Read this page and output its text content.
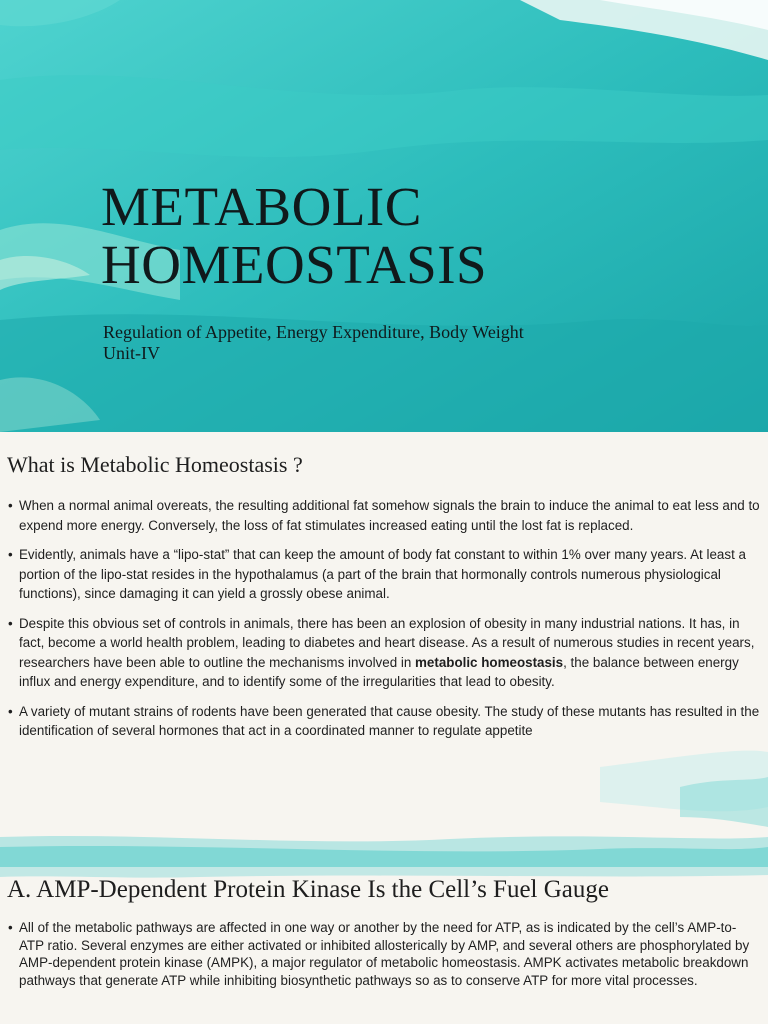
METABOLIC
HOMEOSTASIS
Regulation of Appetite, Energy Expenditure, Body Weight
Unit-IV
What is Metabolic Homeostasis ?
• When a normal animal overeats, the resulting additional fat somehow signals the brain to induce the animal to eat less and to expend more energy. Conversely, the loss of fat stimulates increased eating until the lost fat is replaced.
• Evidently, animals have a “lipo-stat” that can keep the amount of body fat constant to within 1% over many years. At least a portion of the lipo-stat resides in the hypothalamus (a part of the brain that hormonally controls numerous physiological functions), since damaging it can yield a grossly obese animal.
• Despite this obvious set of controls in animals, there has been an explosion of obesity in many industrial nations. It has, in fact, become a world health problem, leading to diabetes and heart disease. As a result of numerous studies in recent years, researchers have been able to outline the mechanisms involved in metabolic homeostasis, the balance between energy influx and energy expenditure, and to identify some of the irregularities that lead to obesity.
• A variety of mutant strains of rodents have been generated that cause obesity. The study of these mutants has resulted in the identification of several hormones that act in a coordinated manner to regulate appetite
A. AMP-Dependent Protein Kinase Is the Cell’s Fuel Gauge
• All of the metabolic pathways are affected in one way or another by the need for ATP, as is indicated by the cell’s AMP-to-ATP ratio. Several enzymes are either activated or inhibited allosterically by AMP, and several others are phosphorylated by AMP-dependent protein kinase (AMPK), a major regulator of metabolic homeostasis. AMPK activates metabolic breakdown pathways that generate ATP while inhibiting biosynthetic pathways so as to conserve ATP for more vital processes.
